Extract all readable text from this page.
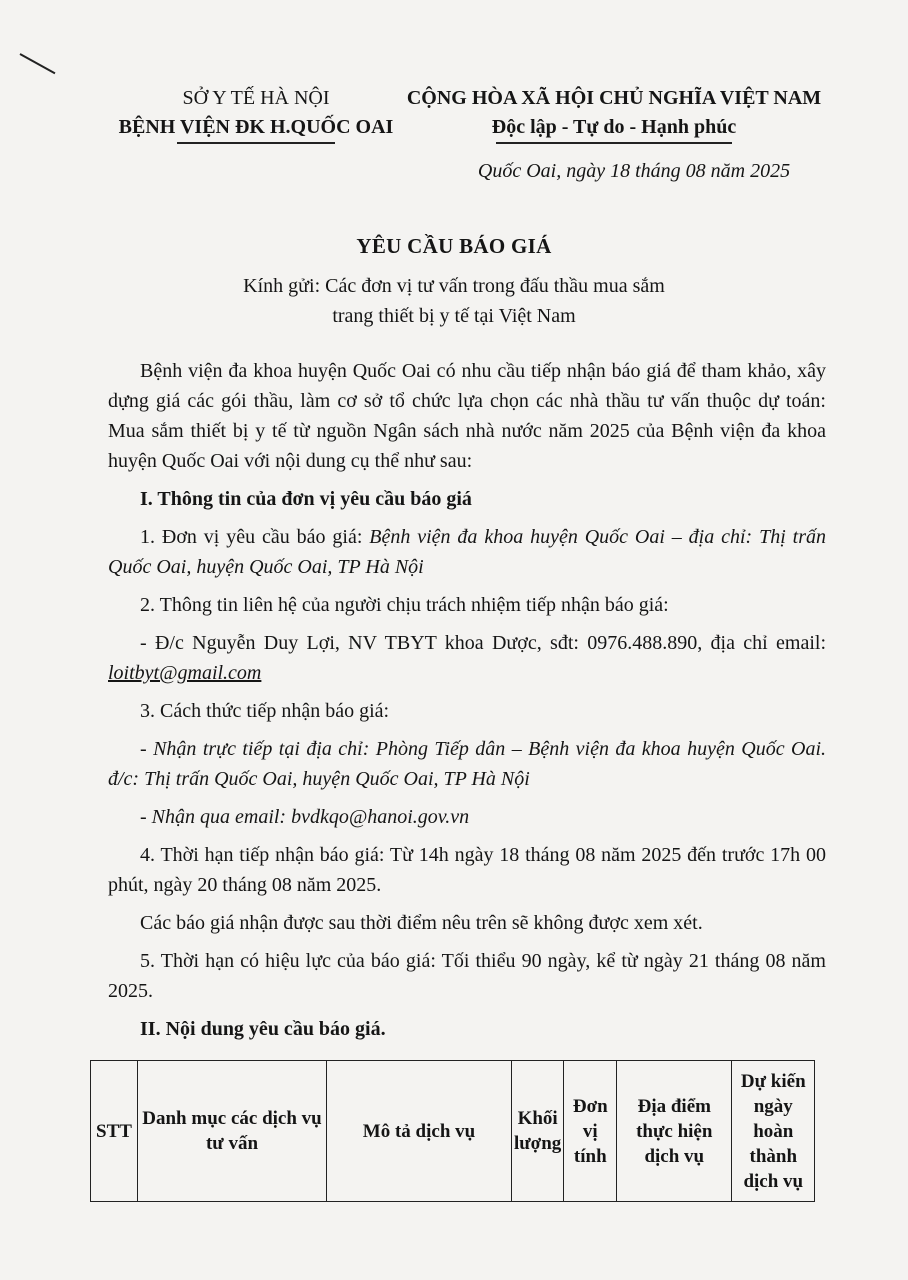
SỞ Y TẾ HÀ NỘI
BỆNH VIỆN ĐK H.QUỐC OAI
CỘNG HÒA XÃ HỘI CHỦ NGHĨA VIỆT NAM
Độc lập - Tự do - Hạnh phúc
Quốc Oai, ngày 18 tháng 08 năm 2025
YÊU CẦU BÁO GIÁ
Kính gửi: Các đơn vị tư vấn trong đấu thầu mua sắm
trang thiết bị y tế tại Việt Nam

Bệnh viện đa khoa huyện Quốc Oai có nhu cầu tiếp nhận báo giá để tham khảo, xây dựng giá các gói thầu, làm cơ sở tổ chức lựa chọn các nhà thầu tư vấn thuộc dự toán: Mua sắm thiết bị y tế từ nguồn Ngân sách nhà nước năm 2025 của Bệnh viện đa khoa huyện Quốc Oai với nội dung cụ thể như sau:

I. Thông tin của đơn vị yêu cầu báo giá

1. Đơn vị yêu cầu báo giá: Bệnh viện đa khoa huyện Quốc Oai – địa chỉ: Thị trấn Quốc Oai, huyện Quốc Oai, TP Hà Nội

2. Thông tin liên hệ của người chịu trách nhiệm tiếp nhận báo giá:

- Đ/c Nguyễn Duy Lợi, NV TBYT khoa Dược, sđt: 0976.488.890, địa chỉ email: loitbyt@gmail.com

3. Cách thức tiếp nhận báo giá:

- Nhận trực tiếp tại địa chỉ: Phòng Tiếp dân – Bệnh viện đa khoa huyện Quốc Oai. đ/c: Thị trấn Quốc Oai, huyện Quốc Oai, TP Hà Nội

- Nhận qua email: bvdkqo@hanoi.gov.vn

4. Thời hạn tiếp nhận báo giá: Từ 14h ngày 18 tháng 08 năm 2025 đến trước 17h 00 phút, ngày 20 tháng 08 năm 2025.

Các báo giá nhận được sau thời điểm nêu trên sẽ không được xem xét.

5. Thời hạn có hiệu lực của báo giá: Tối thiểu 90 ngày, kể từ ngày 21 tháng 08 năm 2025.

II. Nội dung yêu cầu báo giá.

STT	Danh mục các dịch vụ tư vấn	Mô tả dịch vụ	Khối lượng	Đơn vị tính	Địa điểm thực hiện dịch vụ	Dự kiến ngày hoàn thành dịch vụ
